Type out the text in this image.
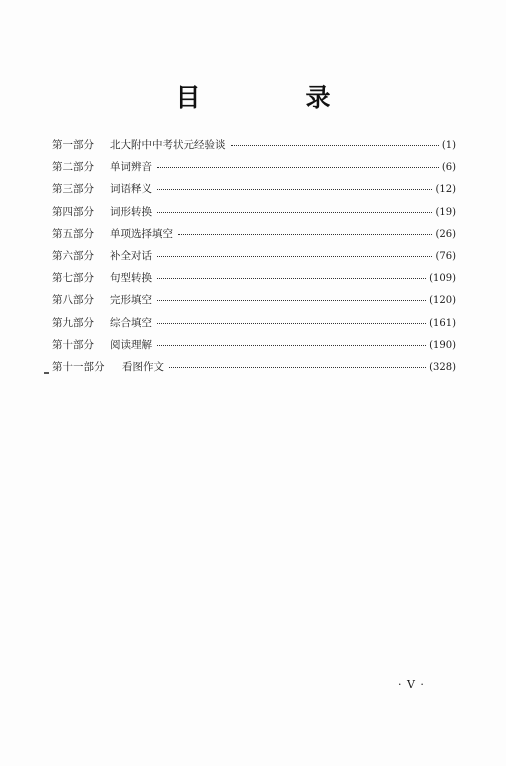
目　录
第一部分	北大附中中考状元经验谈	(1)
第二部分	单词辨音	(6)
第三部分	词语释义	(12)
第四部分	词形转换	(19)
第五部分	单项选择填空	(26)
第六部分	补全对话	(76)
第七部分	句型转换	(109)
第八部分	完形填空	(120)
第九部分	综合填空	(161)
第十部分	阅读理解	(190)
第十一部分	看图作文	(328)
· V ·
